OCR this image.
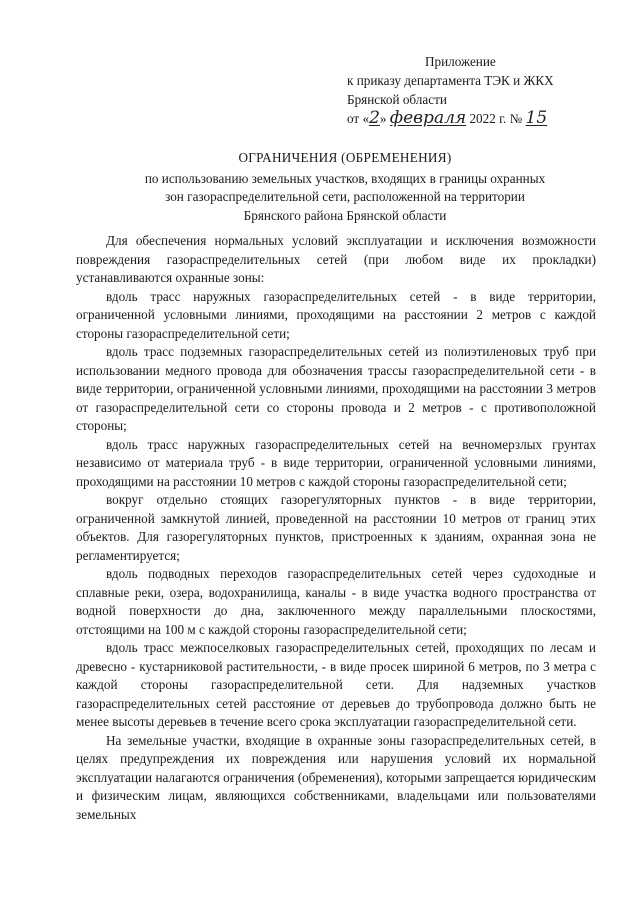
Приложение
к приказу департамента ТЭК и ЖКХ
Брянской области
от «2» февраля 2022 г. № 15
ОГРАНИЧЕНИЯ (ОБРЕМЕНЕНИЯ)
по использованию земельных участков, входящих в границы охранных
зон газораспределительной сети, расположенной на территории
Брянского района Брянской области

Для обеспечения нормальных условий эксплуатации и исключения возможности повреждения газораспределительных сетей (при любом виде их прокладки) устанавливаются охранные зоны:

вдоль трасс наружных газораспределительных сетей - в виде территории, ограниченной условными линиями, проходящими на расстоянии 2 метров с каждой стороны газораспределительной сети;

вдоль трасс подземных газораспределительных сетей из полиэтиленовых труб при использовании медного провода для обозначения трассы газораспределительной сети - в виде территории, ограниченной условными линиями, проходящими на расстоянии 3 метров от газораспределительной сети со стороны провода и 2 метров - с противоположной стороны;

вдоль трасс наружных газораспределительных сетей на вечномерзлых грунтах независимо от материала труб - в виде территории, ограниченной условными линиями, проходящими на расстоянии 10 метров с каждой стороны газораспределительной сети;

вокруг отдельно стоящих газорегуляторных пунктов - в виде территории, ограниченной замкнутой линией, проведенной на расстоянии 10 метров от границ этих объектов. Для газорегуляторных пунктов, пристроенных к зданиям, охранная зона не регламентируется;

вдоль подводных переходов газораспределительных сетей через судоходные и сплавные реки, озера, водохранилища, каналы - в виде участка водного пространства от водной поверхности до дна, заключенного между параллельными плоскостями, отстоящими на 100 м с каждой стороны газораспределительной сети;

вдоль трасс межпоселковых газораспределительных сетей, проходящих по лесам и древесно - кустарниковой растительности, - в виде просек шириной 6 метров, по 3 метра с каждой стороны газораспределительной сети. Для надземных участков газораспределительных сетей расстояние от деревьев до трубопровода должно быть не менее высоты деревьев в течение всего срока эксплуатации газораспределительной сети.

На земельные участки, входящие в охранные зоны газораспределительных сетей, в целях предупреждения их повреждения или нарушения условий их нормальной эксплуатации налагаются ограничения (обременения), которыми запрещается юридическим и физическим лицам, являющихся собственниками, владельцами или пользователями земельных
